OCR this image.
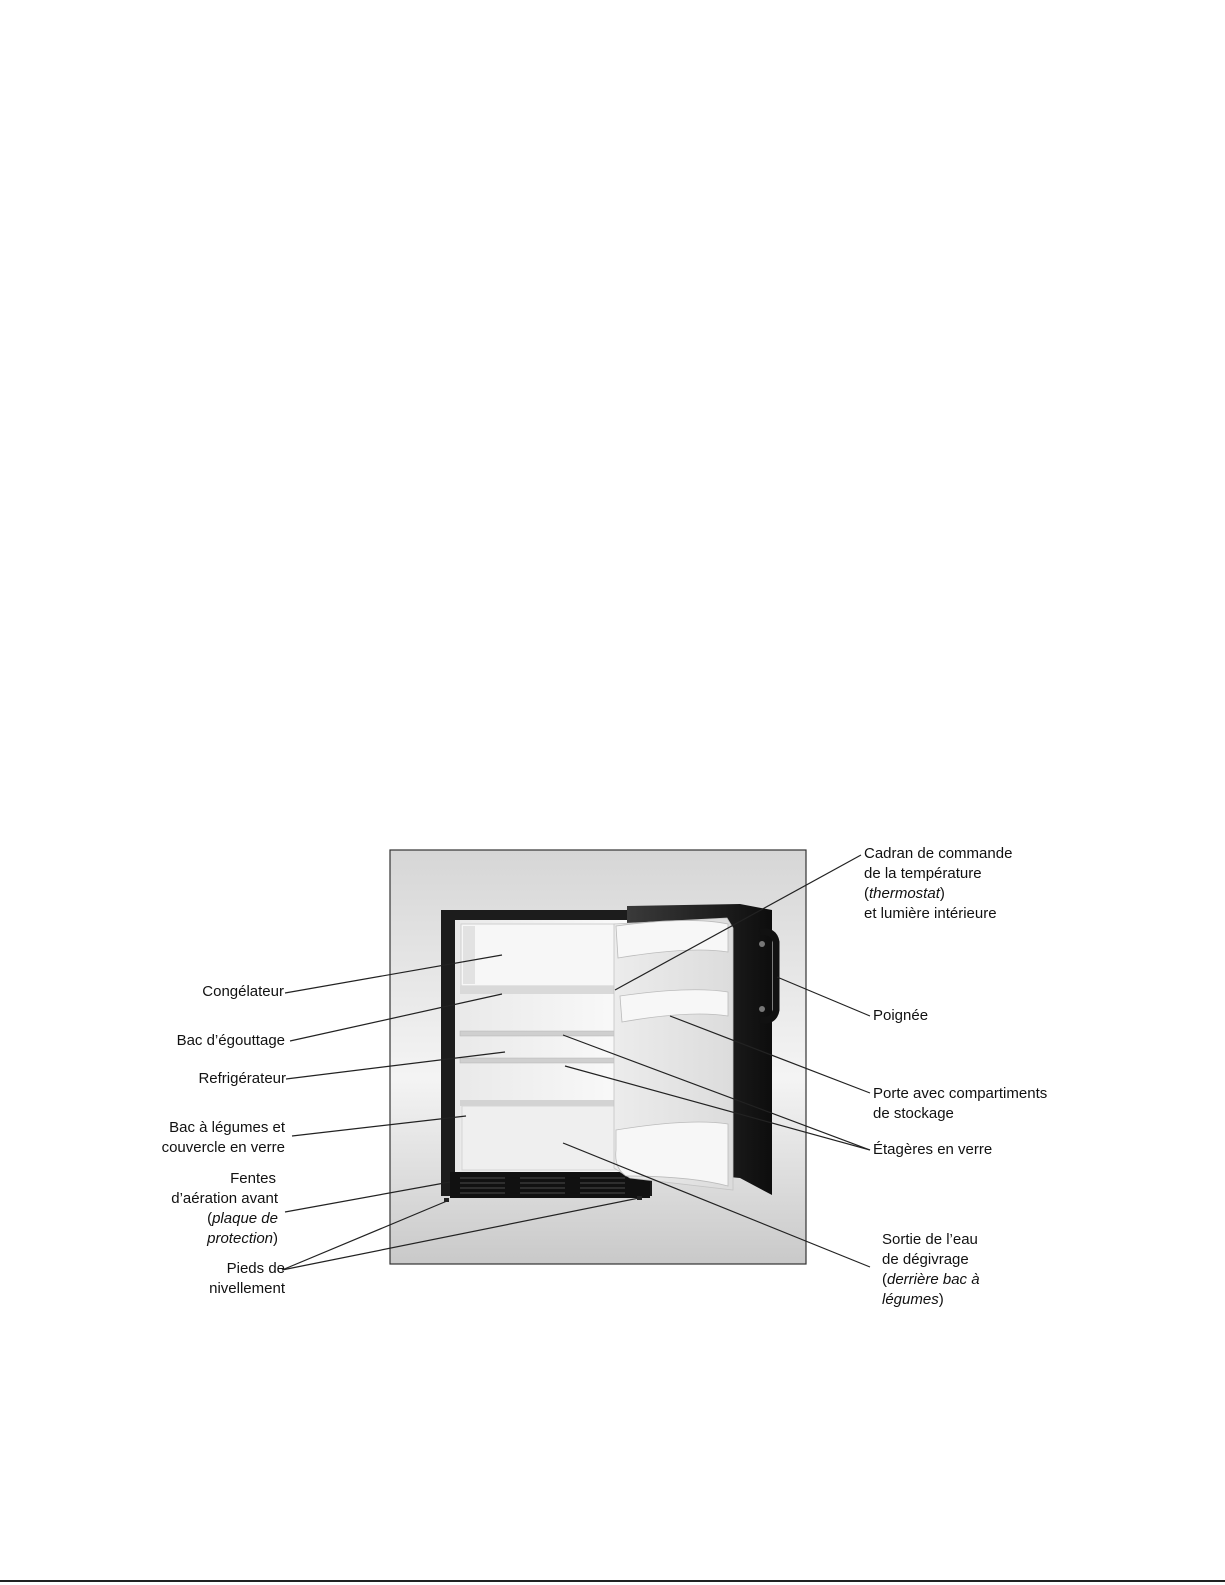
Congélateur
Bac d’égouttage
Refrigérateur
Bac à légumes et
couvercle en verre
Fentes
d’aération avant
(plaque de
protection)
Pieds de
nivellement
Cadran de commande
de la température
(thermostat)
et lumière intérieure
Poignée
Porte avec compartiments
de stockage
Étagères en verre
Sortie de l’eau
de dégivrage
(derrière bac à
légumes)
